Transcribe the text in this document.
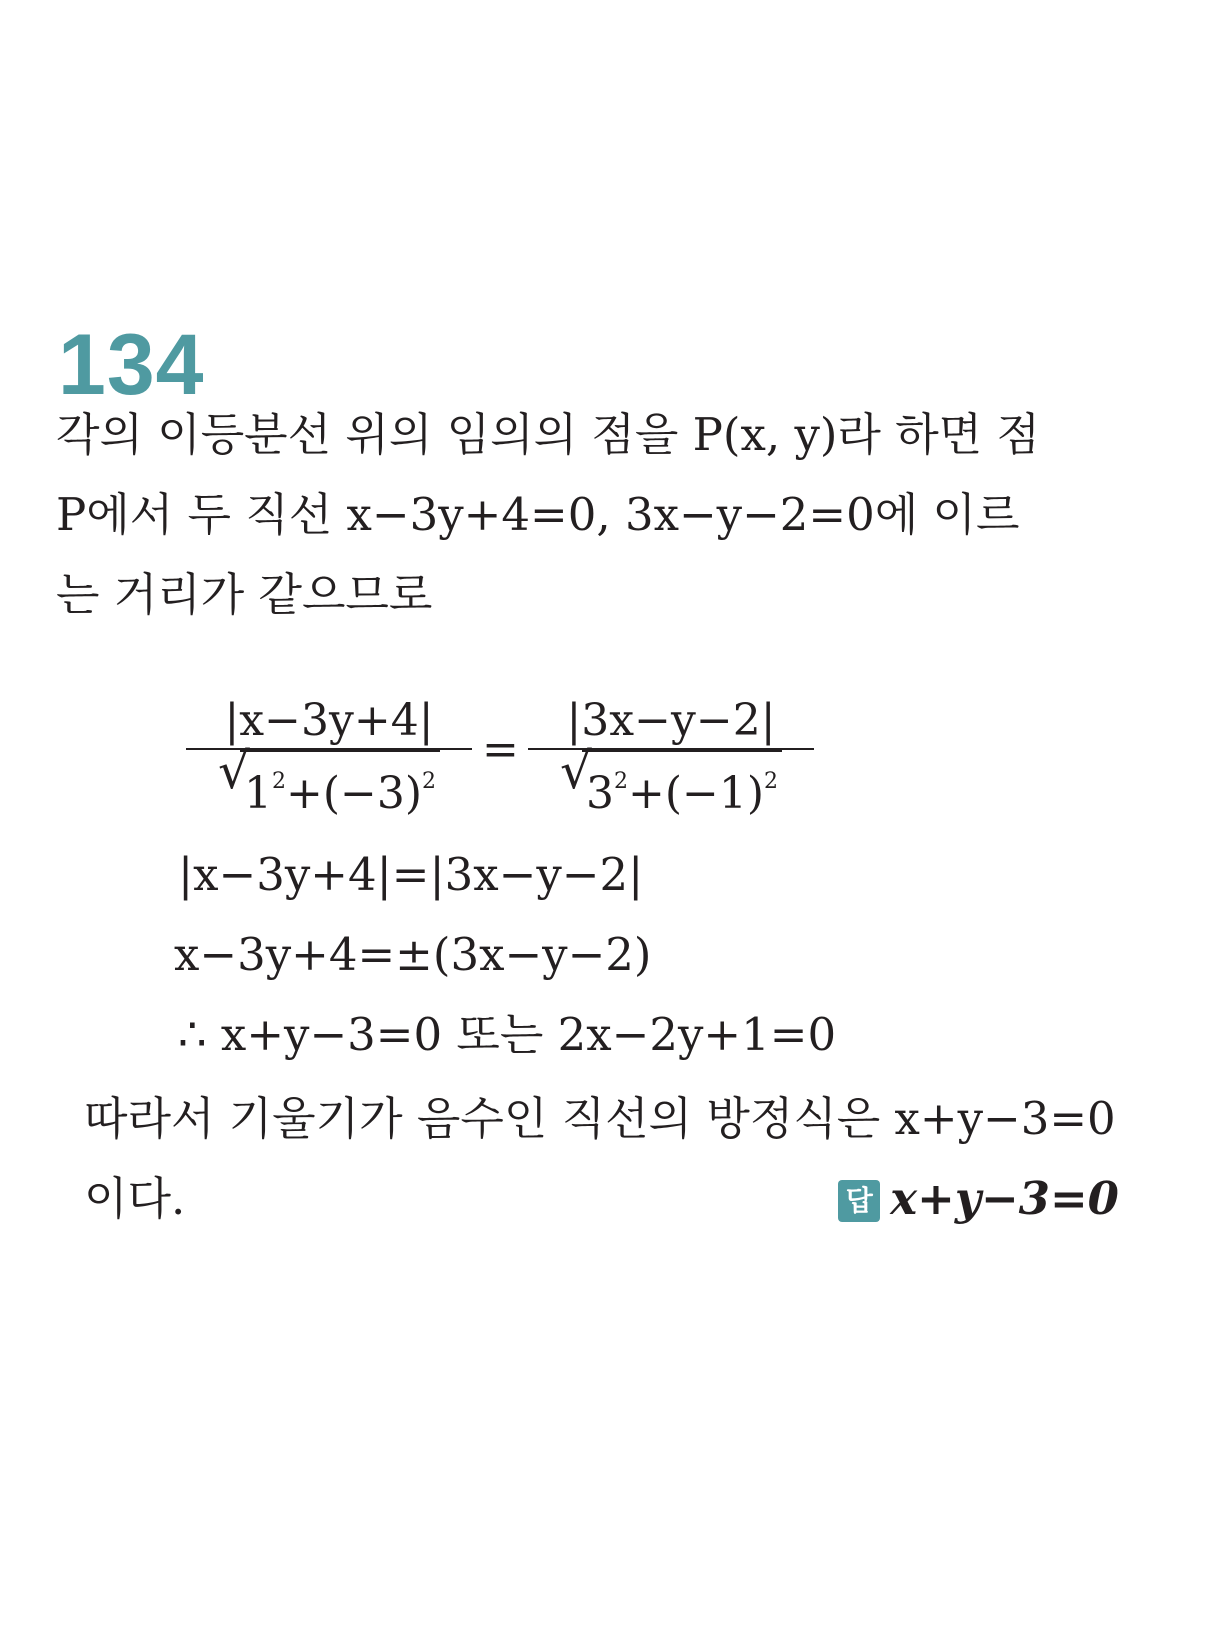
134
각의 이등분선 위의 임의의 점을 P(x, y)라 하면 점
P에서 두 직선 x−3y+4=0, 3x−y−2=0에 이르
는 거리가 같으므로
|x−3y+4|
√
$1^2+(-3)^2$
=
|3x−y−2|
√
$3^2+(-1)^2$
|x−3y+4|=|3x−y−2|
x−3y+4=±(3x−y−2)
∴ x+y−3=0 또는 2x−2y+1=0
따라서 기울기가 음수인 직선의 방정식은 x+y−3=0
이다.	답 x+y−3=0
